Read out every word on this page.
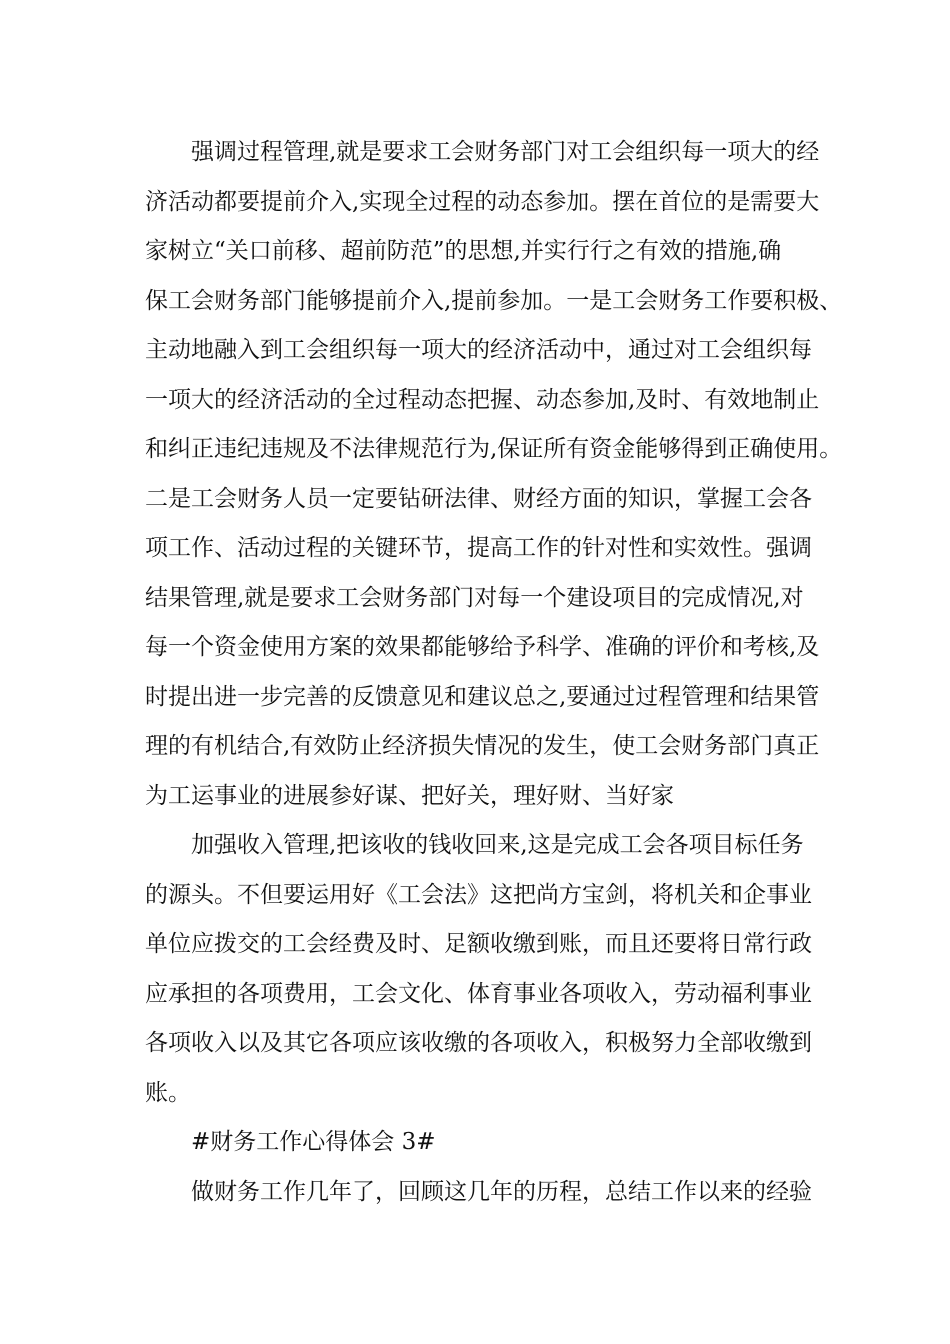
强调过程管理,就是要求工会财务部门对工会组织每一项大的经
济活动都要提前介入,实现全过程的动态参加。摆在首位的是需要大
家树立“关口前移、超前防范”的思想,并实行行之有效的措施,确
保工会财务部门能够提前介入,提前参加。一是工会财务工作要积极、
主动地融入到工会组织每一项大的经济活动中，通过对工会组织每
一项大的经济活动的全过程动态把握、动态参加,及时、有效地制止
和纠正违纪违规及不法律规范行为,保证所有资金能够得到正确使用。
二是工会财务人员一定要钻研法律、财经方面的知识，掌握工会各
项工作、活动过程的关键环节，提高工作的针对性和实效性。强调
结果管理,就是要求工会财务部门对每一个建设项目的完成情况,对
每一个资金使用方案的效果都能够给予科学、准确的评价和考核,及
时提出进一步完善的反馈意见和建议总之,要通过过程管理和结果管
理的有机结合,有效防止经济损失情况的发生，使工会财务部门真正
为工运事业的进展参好谋、把好关，理好财、当好家
加强收入管理,把该收的钱收回来,这是完成工会各项目标任务
的源头。不但要运用好《工会法》这把尚方宝剑，将机关和企事业
单位应拨交的工会经费及时、足额收缴到账，而且还要将日常行政
应承担的各项费用，工会文化、体育事业各项收入，劳动福利事业
各项收入以及其它各项应该收缴的各项收入，积极努力全部收缴到
账。
#财务工作心得体会 3#
做财务工作几年了，回顾这几年的历程，总结工作以来的经验
